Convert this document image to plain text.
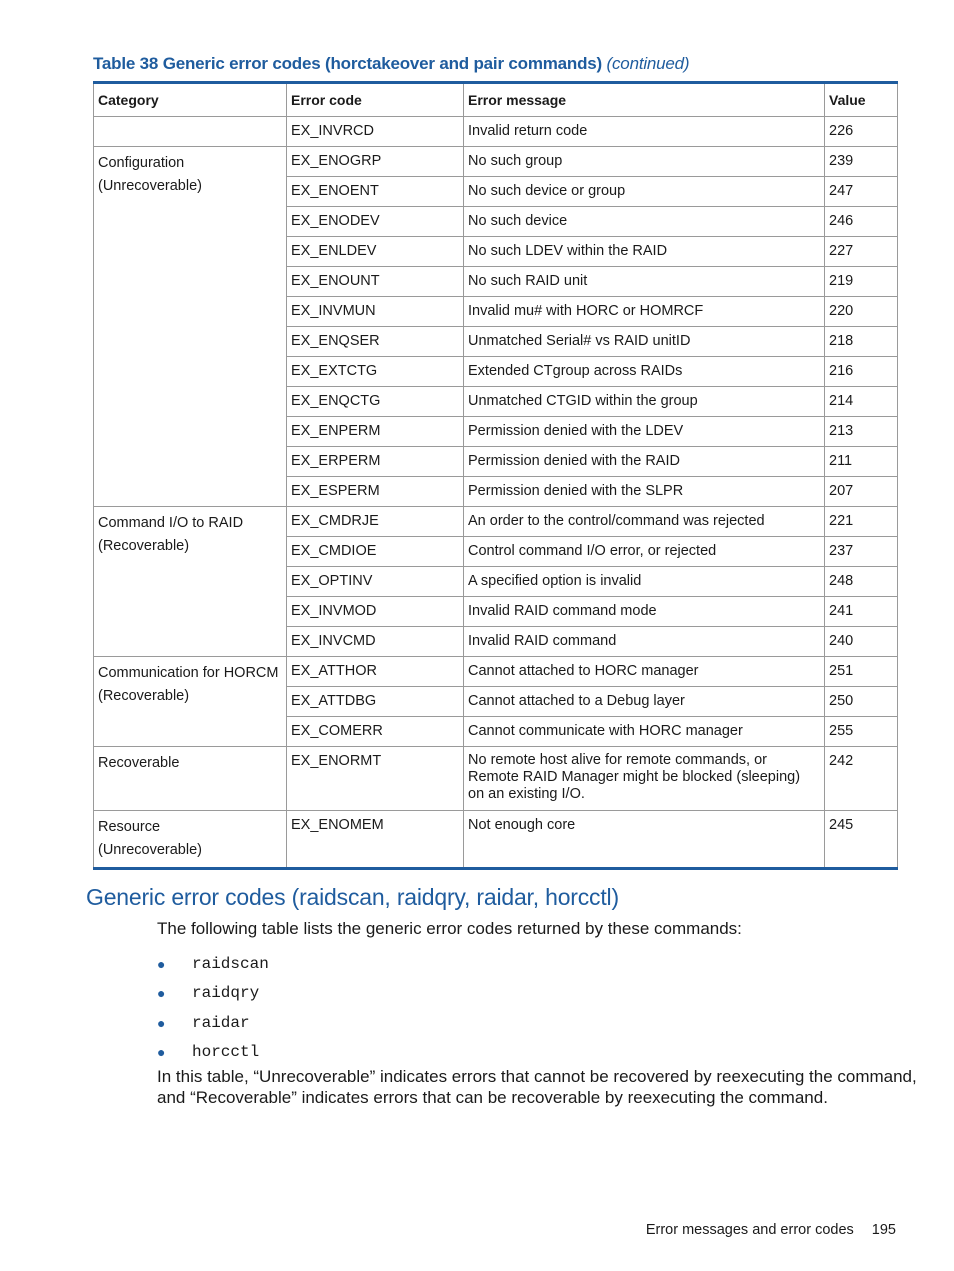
Table 38 Generic error codes (horctakeover and pair commands) (continued)
Category	Error code	Error message	Value

	EX_INVRCD	Invalid return code	226

Configuration
(Unrecoverable)	EX_ENOGRP	No such group	239
	EX_ENOENT	No such device or group	247
	EX_ENODEV	No such device	246
	EX_ENLDEV	No such LDEV within the RAID	227
	EX_ENOUNT	No such RAID unit	219
	EX_INVMUN	Invalid mu# with HORC or HOMRCF	220
	EX_ENQSER	Unmatched Serial# vs RAID unitID	218
	EX_EXTCTG	Extended CTgroup across RAIDs	216
	EX_ENQCTG	Unmatched CTGID within the group	214
	EX_ENPERM	Permission denied with the LDEV	213
	EX_ERPERM	Permission denied with the RAID	211
	EX_ESPERM	Permission denied with the SLPR	207

Command I/O to RAID
(Recoverable)	EX_CMDRJE	An order to the control/command was rejected	221
	EX_CMDIOE	Control command I/O error, or rejected	237
	EX_OPTINV	A specified option is invalid	248
	EX_INVMOD	Invalid RAID command mode	241
	EX_INVCMD	Invalid RAID command	240

Communication for HORCM
(Recoverable)	EX_ATTHOR	Cannot attached to HORC manager	251
	EX_ATTDBG	Cannot attached to a Debug layer	250
	EX_COMERR	Cannot communicate with HORC manager	255

Recoverable	EX_ENORMT	No remote host alive for remote commands, or Remote RAID Manager might be blocked (sleeping) on an existing I/O.	242

Resource
(Unrecoverable)	EX_ENOMEM	Not enough core	245
Generic error codes (raidscan, raidqry, raidar, horcctl)
The following table lists the generic error codes returned by these commands:
●	raidscan
●	raidqry
●	raidar
●	horcctl
In this table, “Unrecoverable” indicates errors that cannot be recovered by reexecuting the command, and “Recoverable” indicates errors that can be recoverable by reexecuting the command.
Error messages and error codes 195
